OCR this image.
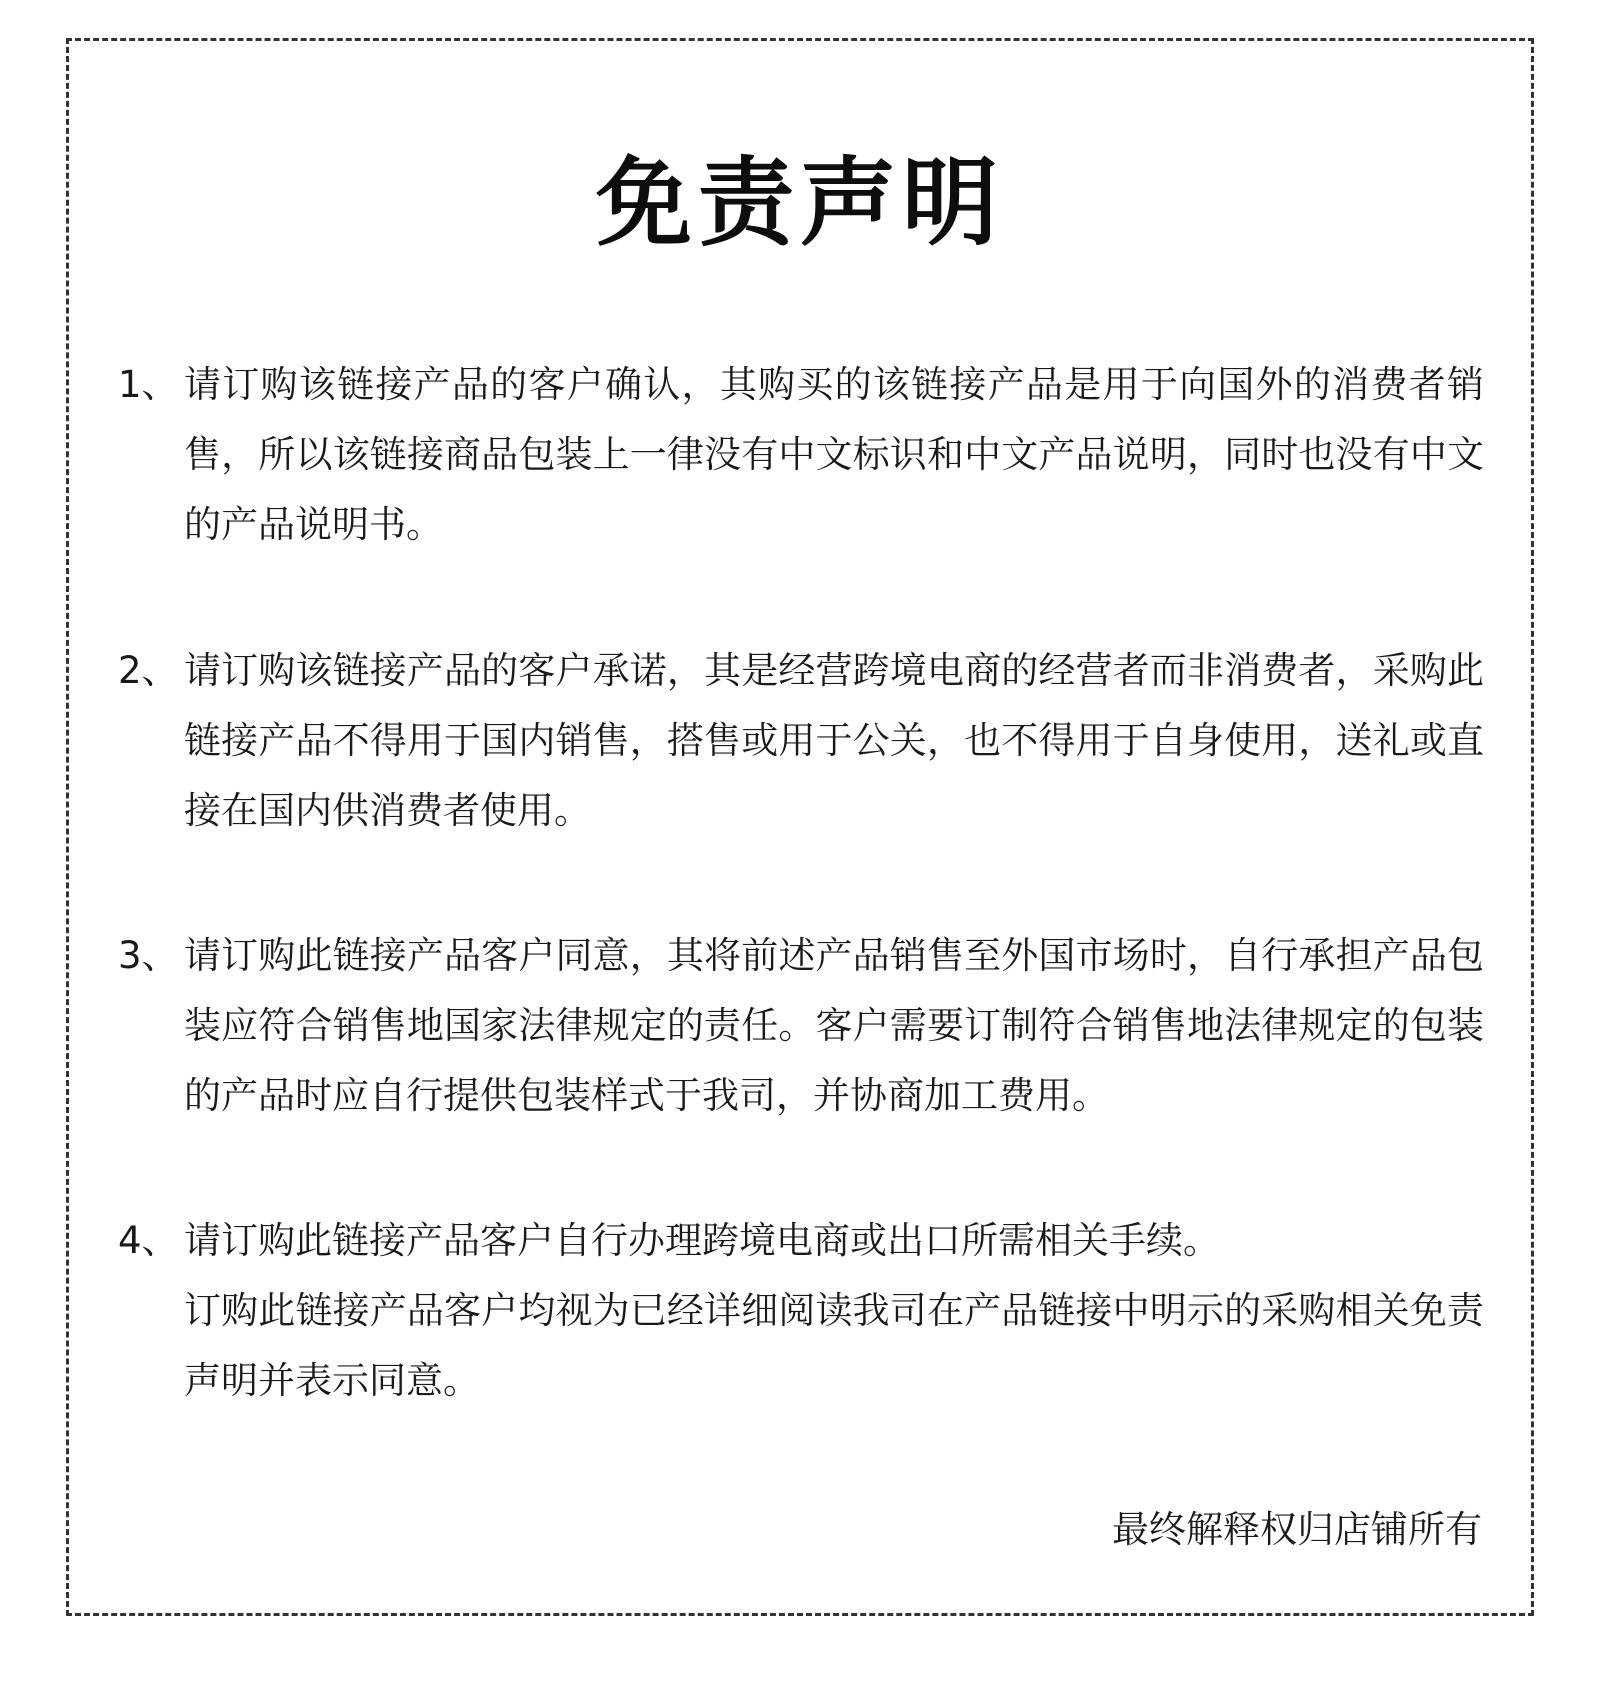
免责声明
1、 请订购该链接产品的客户确认，其购买的该链接产品是用于向国外的消费者销售，所以该链接商品包装上一律没有中文标识和中文产品说明，同时也没有中文的产品说明书。
2、 请订购该链接产品的客户承诺，其是经营跨境电商的经营者而非消费者，采购此链接产品不得用于国内销售，搭售或用于公关，也不得用于自身使用，送礼或直接在国内供消费者使用。
3、 请订购此链接产品客户同意，其将前述产品销售至外国市场时，自行承担产品包装应符合销售地国家法律规定的责任。客户需要订制符合销售地法律规定的包装的产品时应自行提供包装样式于我司，并协商加工费用。
4、 请订购此链接产品客户自行办理跨境电商或出口所需相关手续。
订购此链接产品客户均视为已经详细阅读我司在产品链接中明示的采购相关免责声明并表示同意。
最终解释权归店铺所有
